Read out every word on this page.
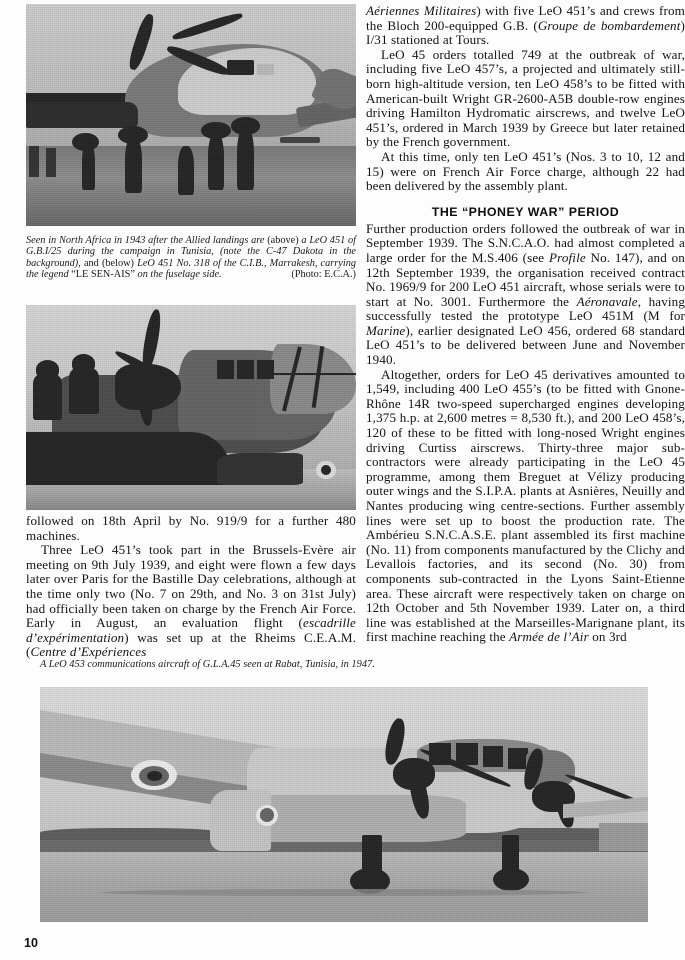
Seen in North Africa in 1943 after the Allied landings are (above) a LeO 451 of G.B.I/25 during the campaign in Tunisia, (note the C-47 Dakota in the background), and (below) LeO 451 No. 318 of the C.I.B., Marrakesh, carrying the legend “LE SEN-AIS” on the fuselage side.	(Photo: E.C.A.)

followed on 18th April by No. 919/9 for a further 480 machines.

Three LeO 451’s took part in the Brussels-Evère air meeting on 9th July 1939, and eight were flown a few days later over Paris for the Bastille Day celebrations, although at the time only two (No. 7 on 29th, and No. 3 on 31st July) had officially been taken on charge by the French Air Force. Early in August, an evaluation flight (escadrille d’expérimentation) was set up at the Rheims C.E.A.M. (Centre d’Expériences

Aériennes Militaires) with five LeO 451’s and crews from the Bloch 200-equipped G.B. (Groupe de bombardement) I/31 stationed at Tours.

LeO 45 orders totalled 749 at the outbreak of war, including five LeO 457’s, a projected and ultimately still-born high-altitude version, ten LeO 458’s to be fitted with American-built Wright GR-2600-A5B double-row engines driving Hamilton Hydromatic airscrews, and twelve LeO 451’s, ordered in March 1939 by Greece but later retained by the French government.

At this time, only ten LeO 451’s (Nos. 3 to 10, 12 and 15) were on French Air Force charge, although 22 had been delivered by the assembly plant.

THE “PHONEY WAR” PERIOD

Further production orders followed the outbreak of war in September 1939. The S.N.C.A.O. had almost completed a large order for the M.S.406 (see Profile No. 147), and on 12th September 1939, the organisation received contract No. 1969/9 for 200 LeO 451 aircraft, whose serials were to start at No. 3001. Furthermore the Aéronavale, having successfully tested the prototype LeO 451M (M for Marine), earlier designated LeO 456, ordered 68 standard LeO 451’s to be delivered between June and November 1940.

Altogether, orders for LeO 45 derivatives amounted to 1,549, including 400 LeO 455’s (to be fitted with Gnone-Rhône 14R two-speed supercharged engines developing 1,375 h.p. at 2,600 metres = 8,530 ft.), and 200 LeO 458’s, 120 of these to be fitted with long-nosed Wright engines driving Curtiss airscrews. Thirty-three major sub-contractors were already participating in the LeO 45 programme, among them Breguet at Vélizy producing outer wings and the S.I.P.A. plants at Asnières, Neuilly and Nantes producing wing centre-sections. Further assembly lines were set up to boost the production rate. The Ambérieu S.N.C.A.S.E. plant assembled its first machine (No. 11) from components manufactured by the Clichy and Levallois factories, and its second (No. 30) from components sub-contracted in the Lyons Saint-Etienne area. These aircraft were respectively taken on charge on 12th October and 5th November 1939. Later on, a third line was established at the Marseilles-Marignane plant, its first machine reaching the Armée de l’Air on 3rd

A LeO 453 communications aircraft of G.L.A.45 seen at Rabat, Tunisia, in 1947.
10
